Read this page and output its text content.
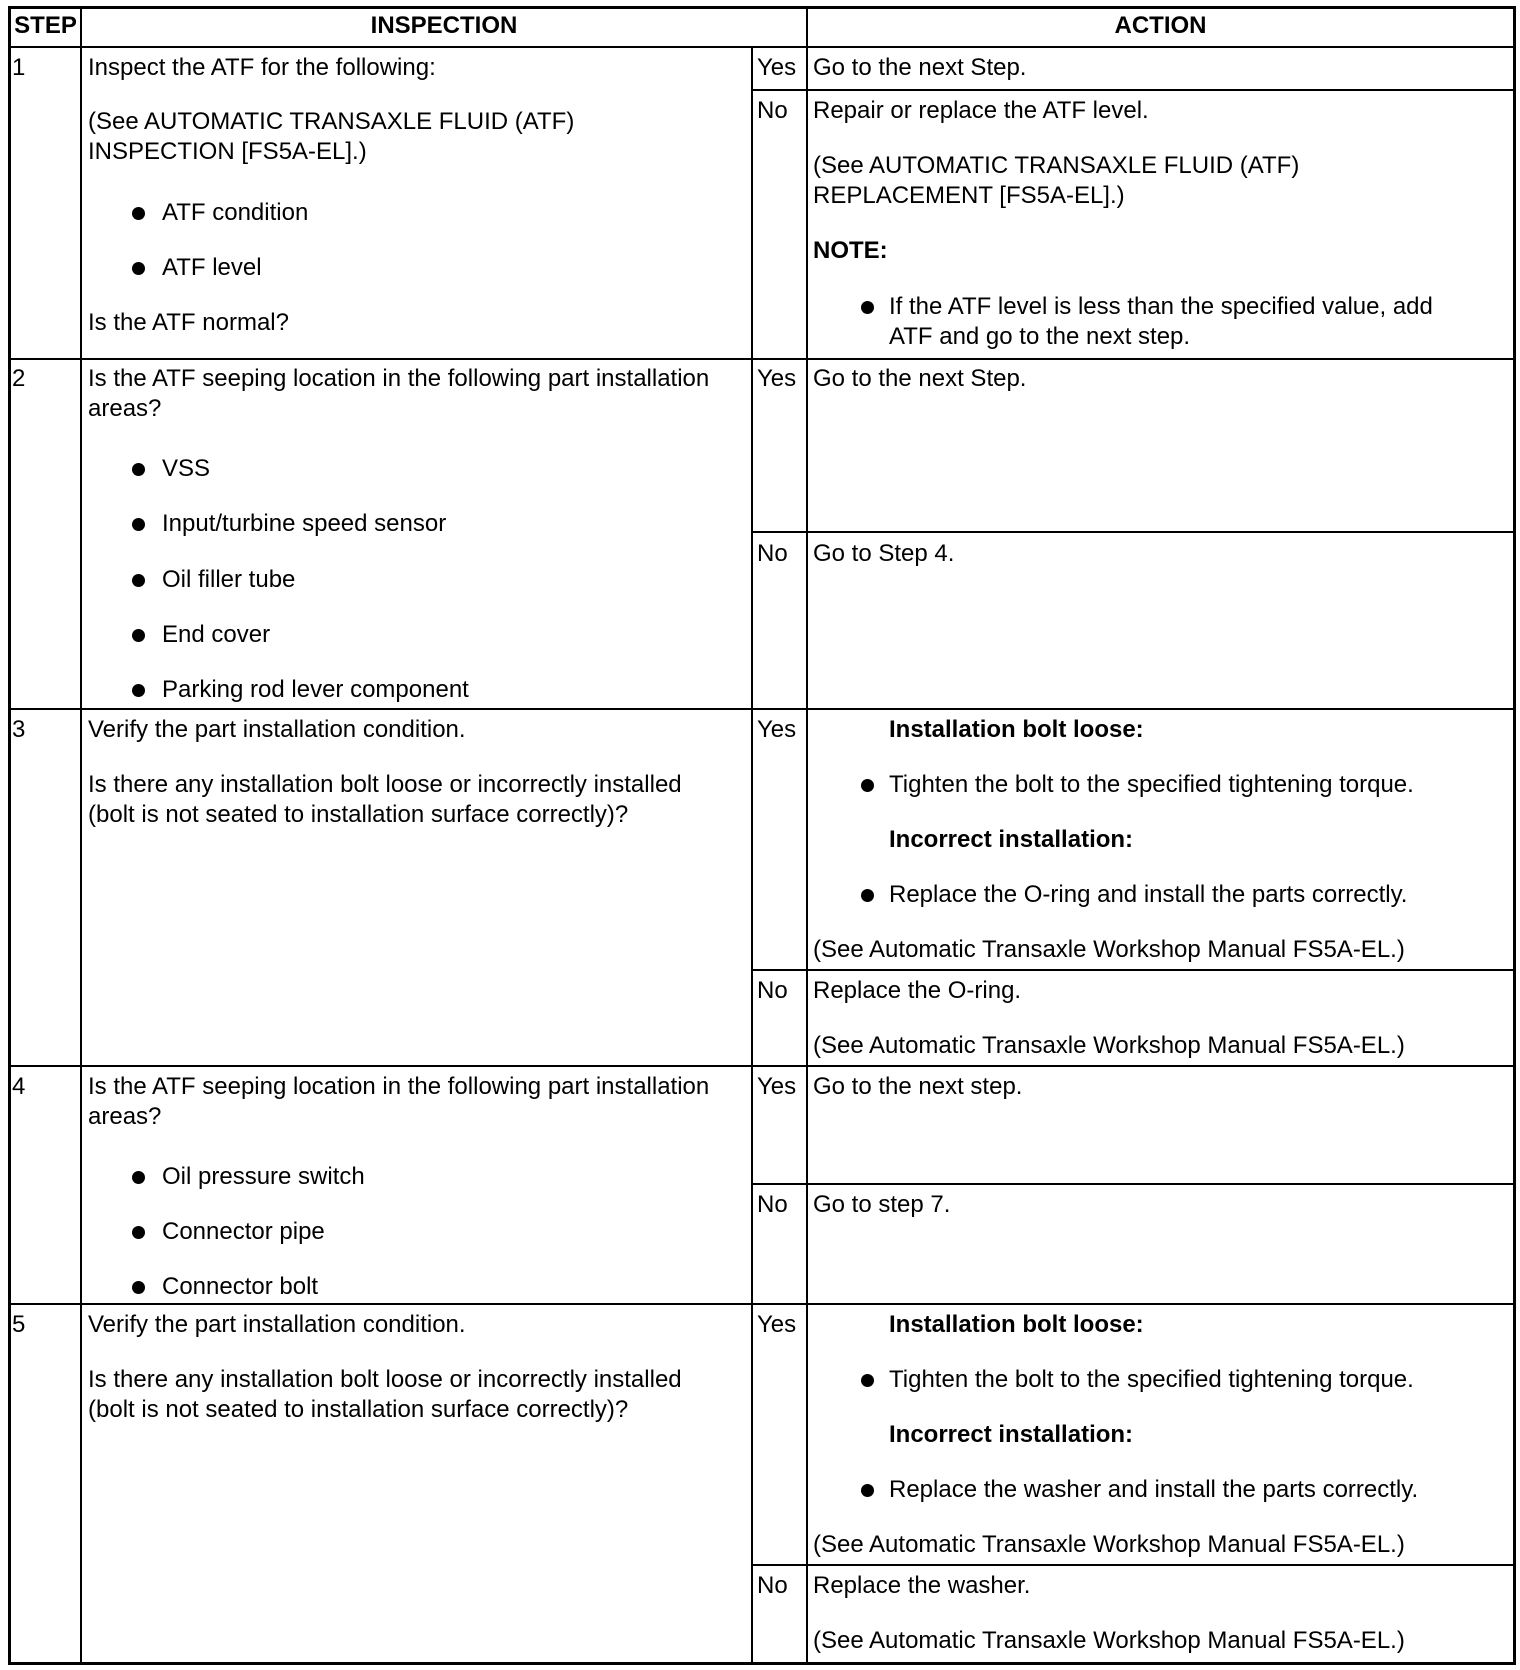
STEP	INSPECTION	ACTION
1	Inspect the ATF for the following:
(See AUTOMATIC TRANSAXLE FLUID (ATF)
INSPECTION [FS5A-EL].)
ATF condition
ATF level
Is the ATF normal?
Yes Go to the next Step.
No Repair or replace the ATF level.
(See AUTOMATIC TRANSAXLE FLUID (ATF)
REPLACEMENT [FS5A-EL].)
NOTE:
If the ATF level is less than the specified value, add
ATF and go to the next step.
2	Is the ATF seeping location in the following part installation
areas?
VSS
Input/turbine speed sensor
Oil filler tube
End cover
Parking rod lever component
Yes Go to the next Step.
No Go to Step 4.
3	Verify the part installation condition.
Is there any installation bolt loose or incorrectly installed
(bolt is not seated to installation surface correctly)?
Yes	Installation bolt loose:
Tighten the bolt to the specified tightening torque.
Incorrect installation:
Replace the O-ring and install the parts correctly.
(See Automatic Transaxle Workshop Manual FS5A-EL.)
No Replace the O-ring.
(See Automatic Transaxle Workshop Manual FS5A-EL.)
4	Is the ATF seeping location in the following part installation
areas?
Oil pressure switch
Connector pipe
Connector bolt
Yes Go to the next step.
No Go to step 7.
5	Verify the part installation condition.
Is there any installation bolt loose or incorrectly installed
(bolt is not seated to installation surface correctly)?
Yes	Installation bolt loose:
Tighten the bolt to the specified tightening torque.
Incorrect installation:
Replace the washer and install the parts correctly.
(See Automatic Transaxle Workshop Manual FS5A-EL.)
No Replace the washer.
(See Automatic Transaxle Workshop Manual FS5A-EL.)
